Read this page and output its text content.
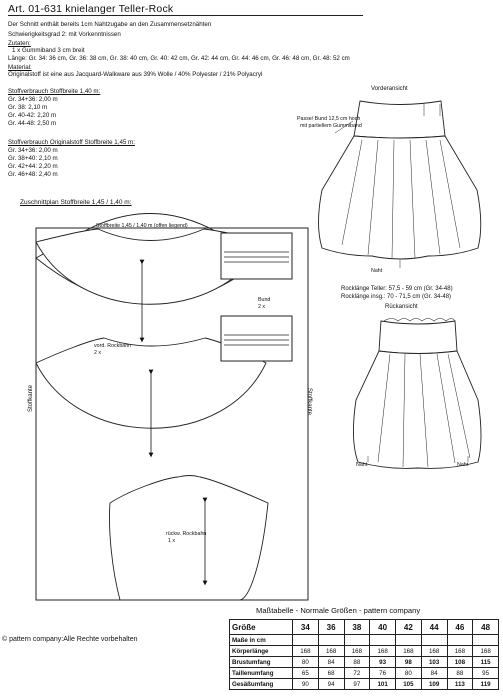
Art. 01-631 knielanger Teller-Rock
Der Schnitt enthält bereits 1cm Nahtzugabe an den Zusammensetznähten
Schwierigkeitsgrad 2: mit Vorkenntnissen
Zutaten:
1 x Gummiband 3 cm breit
Länge: Gr. 34: 36 cm, Gr. 36: 38 cm, Gr. 38: 40 cm, Gr. 40: 42 cm, Gr. 42: 44 cm, Gr. 44: 46 cm, Gr. 46: 48 cm, Gr. 48: 52 cm
Material:
Originalstoff ist eine aus Jacquard-Walkware aus 39% Wolle / 40% Polyester / 21% Polyacryl
Stoffverbrauch Stoffbreite 1,40 m:
Gr. 34+36: 2,00 m
Gr. 38: 2,10 m
Gr. 40-42: 2,20 m
Gr. 44-48: 2,50 m
Stoffverbrauch Originalstoff Stoffbreite 1,45 m:
Gr. 34+36: 2,00 m
Gr. 38+40: 2,10 m
Gr. 42+44: 2,20 m
Gr. 46+48: 2,40 m
Zuschnittplan Stoffbreite 1,45 / 1,40 m:
Stoffbreite 1,45 / 1,40 m (offen liegend)
Bund
2 x
vord. Rockbahn
2 x
rückw. Rockbahn
1 x
Stoffkante	Stoffkante
Vorderansicht
Passe/ Bund 12,5 cm hoch
mit partiellem Gummiband
Naht
Rocklänge Teller: 57,5 - 59 cm (Gr. 34-48)
Rocklänge insg.: 70 - 71,5 cm (Gr. 34-48)
Rückansicht
Naht	Naht
© pattern company:Alle Rechte vorbehalten
Maßtabelle - Normale Größen - pattern company
Größe	34	36	38	40	42	44	46	48
Maße in cm								
Körperlänge	168	168	168	168	168	168	168	168
Brustumfang	80	84	88	93	98	103	108	115
Taillenumfang	65	68	72	76	80	84	88	95
Gesäßumfang	90	94	97	101	105	109	113	119
